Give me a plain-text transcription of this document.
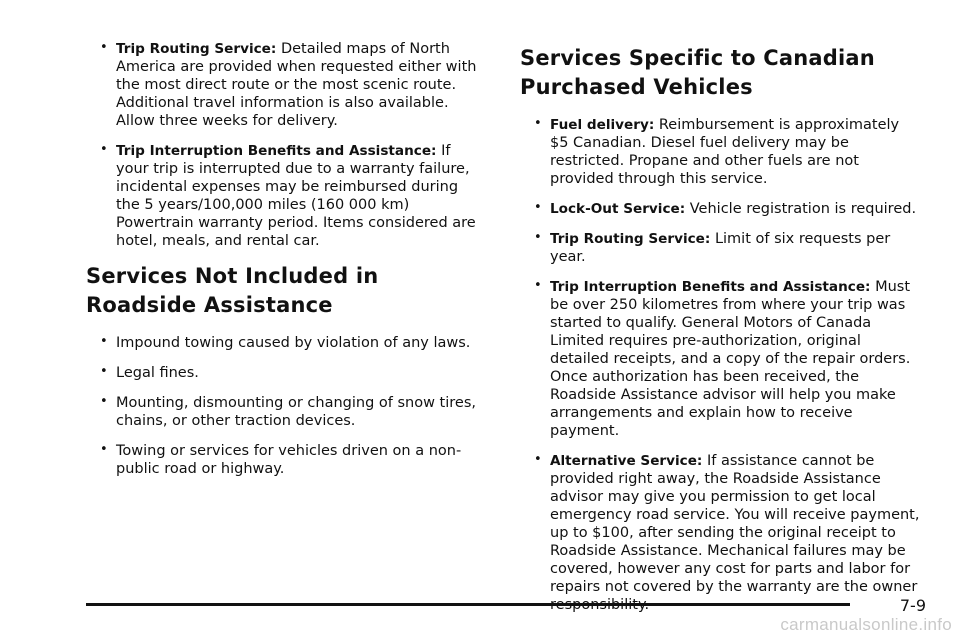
• Trip Routing Service: Detailed maps of North America are provided when requested either with the most direct route or the most scenic route. Additional travel information is also available. Allow three weeks for delivery.
• Trip Interruption Benefits and Assistance: If your trip is interrupted due to a warranty failure, incidental expenses may be reimbursed during the 5 years/100,000 miles (160 000 km) Powertrain warranty period. Items considered are hotel, meals, and rental car.
Services Not Included in Roadside Assistance
• Impound towing caused by violation of any laws.
• Legal fines.
• Mounting, dismounting or changing of snow tires, chains, or other traction devices.
• Towing or services for vehicles driven on a non-public road or highway.
Services Specific to Canadian Purchased Vehicles
• Fuel delivery: Reimbursement is approximately $5 Canadian. Diesel fuel delivery may be restricted. Propane and other fuels are not provided through this service.
• Lock-Out Service: Vehicle registration is required.
• Trip Routing Service: Limit of six requests per year.
• Trip Interruption Benefits and Assistance: Must be over 250 kilometres from where your trip was started to qualify. General Motors of Canada Limited requires pre-authorization, original detailed receipts, and a copy of the repair orders. Once authorization has been received, the Roadside Assistance advisor will help you make arrangements and explain how to receive payment.
• Alternative Service: If assistance cannot be provided right away, the Roadside Assistance advisor may give you permission to get local emergency road service. You will receive payment, up to $100, after sending the original receipt to Roadside Assistance. Mechanical failures may be covered, however any cost for parts and labor for repairs not covered by the warranty are the owner
7-9
carmanualsonline.info
